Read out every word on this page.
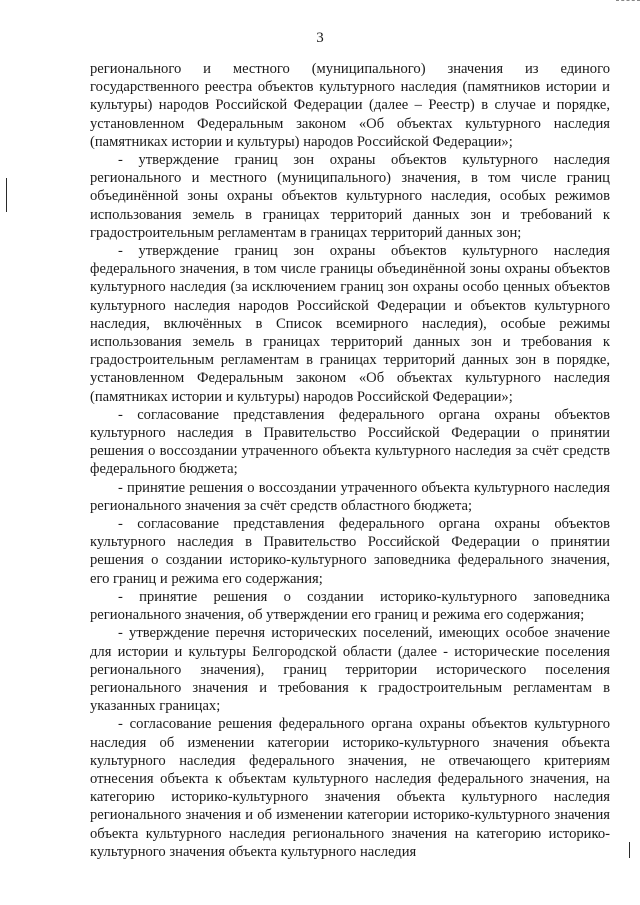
3

регионального и местного (муниципального) значения из единого государственного реестра объектов культурного наследия (памятников истории и культуры) народов Российской Федерации (далее – Реестр) в случае и порядке, установленном Федеральным законом «Об объектах культурного наследия (памятниках истории и культуры) народов Российской Федерации»;

- утверждение границ зон охраны объектов культурного наследия регионального и местного (муниципального) значения, в том числе границ объединённой зоны охраны объектов культурного наследия, особых режимов использования земель в границах территорий данных зон и требований к градостроительным регламентам в границах территорий данных зон;

- утверждение границ зон охраны объектов культурного наследия федерального значения, в том числе границы объединённой зоны охраны объектов культурного наследия (за исключением границ зон охраны особо ценных объектов культурного наследия народов Российской Федерации и объектов культурного наследия, включённых в Список всемирного наследия), особые режимы использования земель в границах территорий данных зон и требования к градостроительным регламентам в границах территорий данных зон в порядке, установленном Федеральным законом «Об объектах культурного наследия (памятниках истории и культуры) народов Российской Федерации»;

- согласование представления федерального органа охраны объектов культурного наследия в Правительство Российской Федерации о принятии решения о воссоздании утраченного объекта культурного наследия за счёт средств федерального бюджета;

- принятие решения о воссоздании утраченного объекта культурного наследия регионального значения за счёт средств областного бюджета;

- согласование представления федерального органа охраны объектов культурного наследия в Правительство Российской Федерации о принятии решения о создании историко-культурного заповедника федерального значения, его границ и режима его содержания;

- принятие решения о создании историко-культурного заповедника регионального значения, об утверждении его границ и режима его содержания;

- утверждение перечня исторических поселений, имеющих особое значение для истории и культуры Белгородской области (далее - исторические поселения регионального значения), границ территории исторического поселения регионального значения и требования к градостроительным регламентам в указанных границах;

- согласование решения федерального органа охраны объектов культурного наследия об изменении категории историко-культурного значения объекта культурного наследия федерального значения, не отвечающего критериям отнесения объекта к объектам культурного наследия федерального значения, на категорию историко-культурного значения объекта культурного наследия регионального значения и об изменении категории историко-культурного значения объекта культурного наследия регионального значения на категорию историко-культурного значения объекта культурного наследия
